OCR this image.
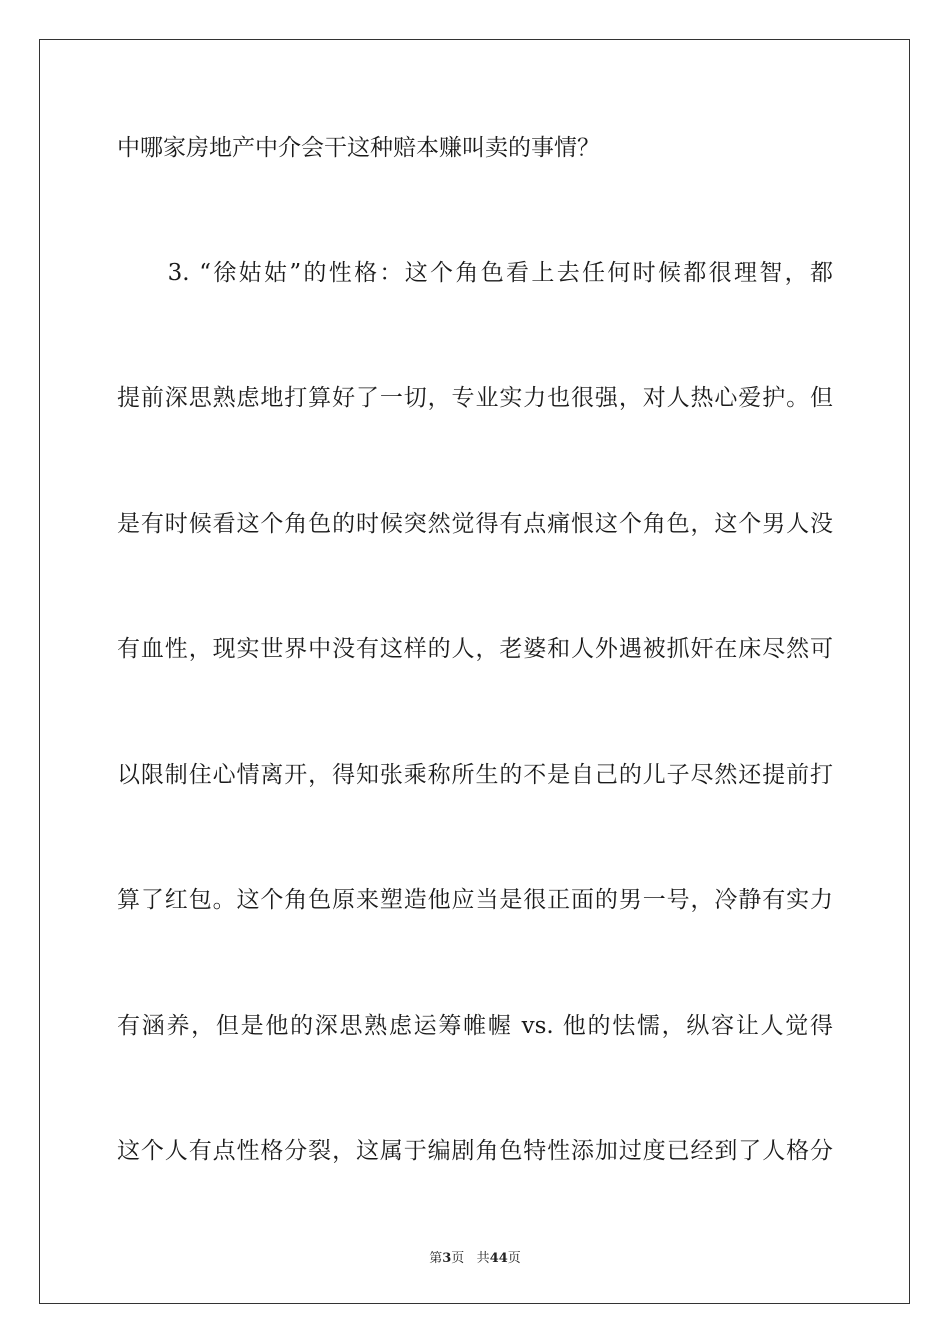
中哪家房地产中介会干这种赔本赚叫卖的事情？
　　3. “徐姑姑”的性格：这个角色看上去任何时候都很理智，都
提前深思熟虑地打算好了一切，专业实力也很强，对人热心爱护。但
是有时候看这个角色的时候突然觉得有点痛恨这个角色，这个男人没
有血性，现实世界中没有这样的人，老婆和人外遇被抓奸在床尽然可
以限制住心情离开，得知张乘称所生的不是自己的儿子尽然还提前打
算了红包。这个角色原来塑造他应当是很正面的男一号，冷静有实力
有涵养，但是他的深思熟虑运筹帷幄 vs. 他的怯懦，纵容让人觉得
这个人有点性格分裂，这属于编剧角色特性添加过度已经到了人格分
第3页 共44页
